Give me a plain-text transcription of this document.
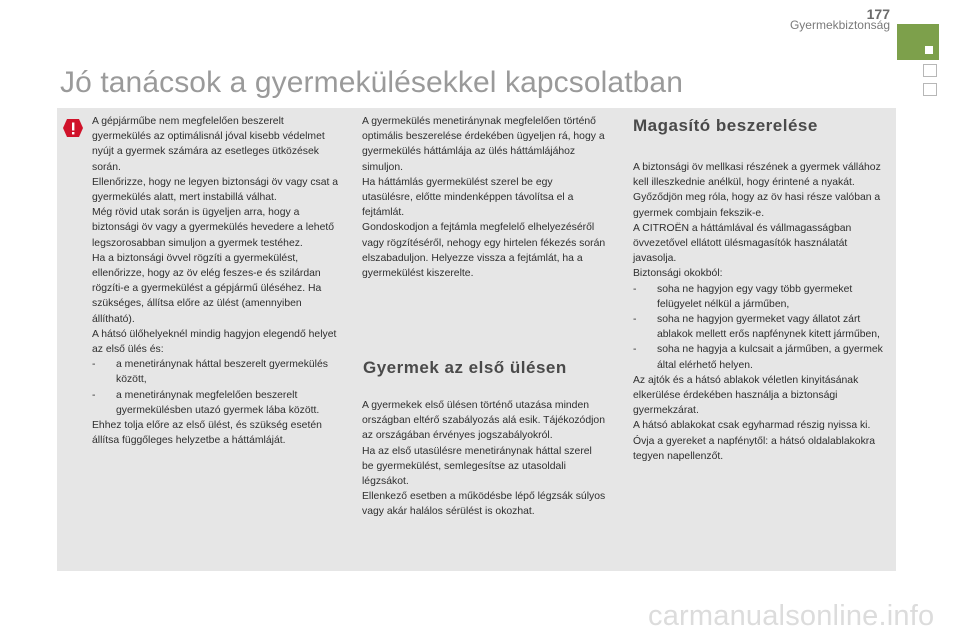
177
Gyermekbiztonság
Jó tanácsok a gyermekülésekkel kapcsolatban

A gépjárműbe nem megfelelően beszerelt gyermekülés az optimálisnál jóval kisebb védelmet nyújt a gyermek számára az esetleges ütközések során.

Ellenőrizze, hogy ne legyen biztonsági öv vagy csat a gyermekülés alatt, mert instabillá válhat.

Még rövid utak során is ügyeljen arra, hogy a biztonsági öv vagy a gyermekülés hevedere a lehető legszorosabban simuljon a gyermek testéhez.

Ha a biztonsági övvel rögzíti a gyermekülést, ellenőrizze, hogy az öv elég feszes-e és szilárdan rögzíti-e a gyermekülést a gépjármű üléséhez. Ha szükséges, állítsa előre az ülést (amennyiben állítható).

A hátsó ülőhelyeknél mindig hagyjon elegendő helyet az első ülés és:

- a menetiránynak háttal beszerelt gyermekülés között,
- a menetiránynak megfelelően beszerelt gyermekülésben utazó gyermek lába között.

Ehhez tolja előre az első ülést, és szükség esetén állítsa függőleges helyzetbe a háttámláját.

A gyermekülés menetiránynak megfelelően történő optimális beszerelése érdekében ügyeljen rá, hogy a gyermekülés háttámlája az ülés háttámlájához simuljon.

Ha háttámlás gyermekülést szerel be egy utasülésre, előtte mindenképpen távolítsa el a fejtámlát.

Gondoskodjon a fejtámla megfelelő elhelyezéséről vagy rögzítéséről, nehogy egy hirtelen fékezés során elszabaduljon. Helyezze vissza a fejtámlát, ha a gyermekülést kiszerelte.

Gyermek az első ülésen

A gyermekek első ülésen történő utazása minden országban eltérő szabályozás alá esik. Tájékozódjon az országában érvényes jogszabályokról.

Ha az első utasülésre menetiránynak háttal szerel be gyermekülést, semlegesítse az utasoldali légzsákot.

Ellenkező esetben a működésbe lépő légzsák súlyos vagy akár halálos sérülést is okozhat.

Magasító beszerelése

A biztonsági öv mellkasi részének a gyermek vállához kell illeszkednie anélkül, hogy érintené a nyakát.

Győződjön meg róla, hogy az öv hasi része valóban a gyermek combjain fekszik-e.

A CITROËN a háttámlával és vállmagasságban övvezetővel ellátott ülésmagasítók használatát javasolja.

Biztonsági okokból:

- soha ne hagyjon egy vagy több gyermeket felügyelet nélkül a járműben,
- soha ne hagyjon gyermeket vagy állatot zárt ablakok mellett erős napfénynek kitett járműben,
- soha ne hagyja a kulcsait a járműben, a gyermek által elérhető helyen.

Az ajtók és a hátsó ablakok véletlen kinyitásának elkerülése érdekében használja a biztonsági gyermekzárat.

A hátsó ablakokat csak egyharmad részig nyissa ki.

Óvja a gyereket a napfénytől: a hátsó oldalablakokra tegyen napellenzőt.

carmanualsonline.info
